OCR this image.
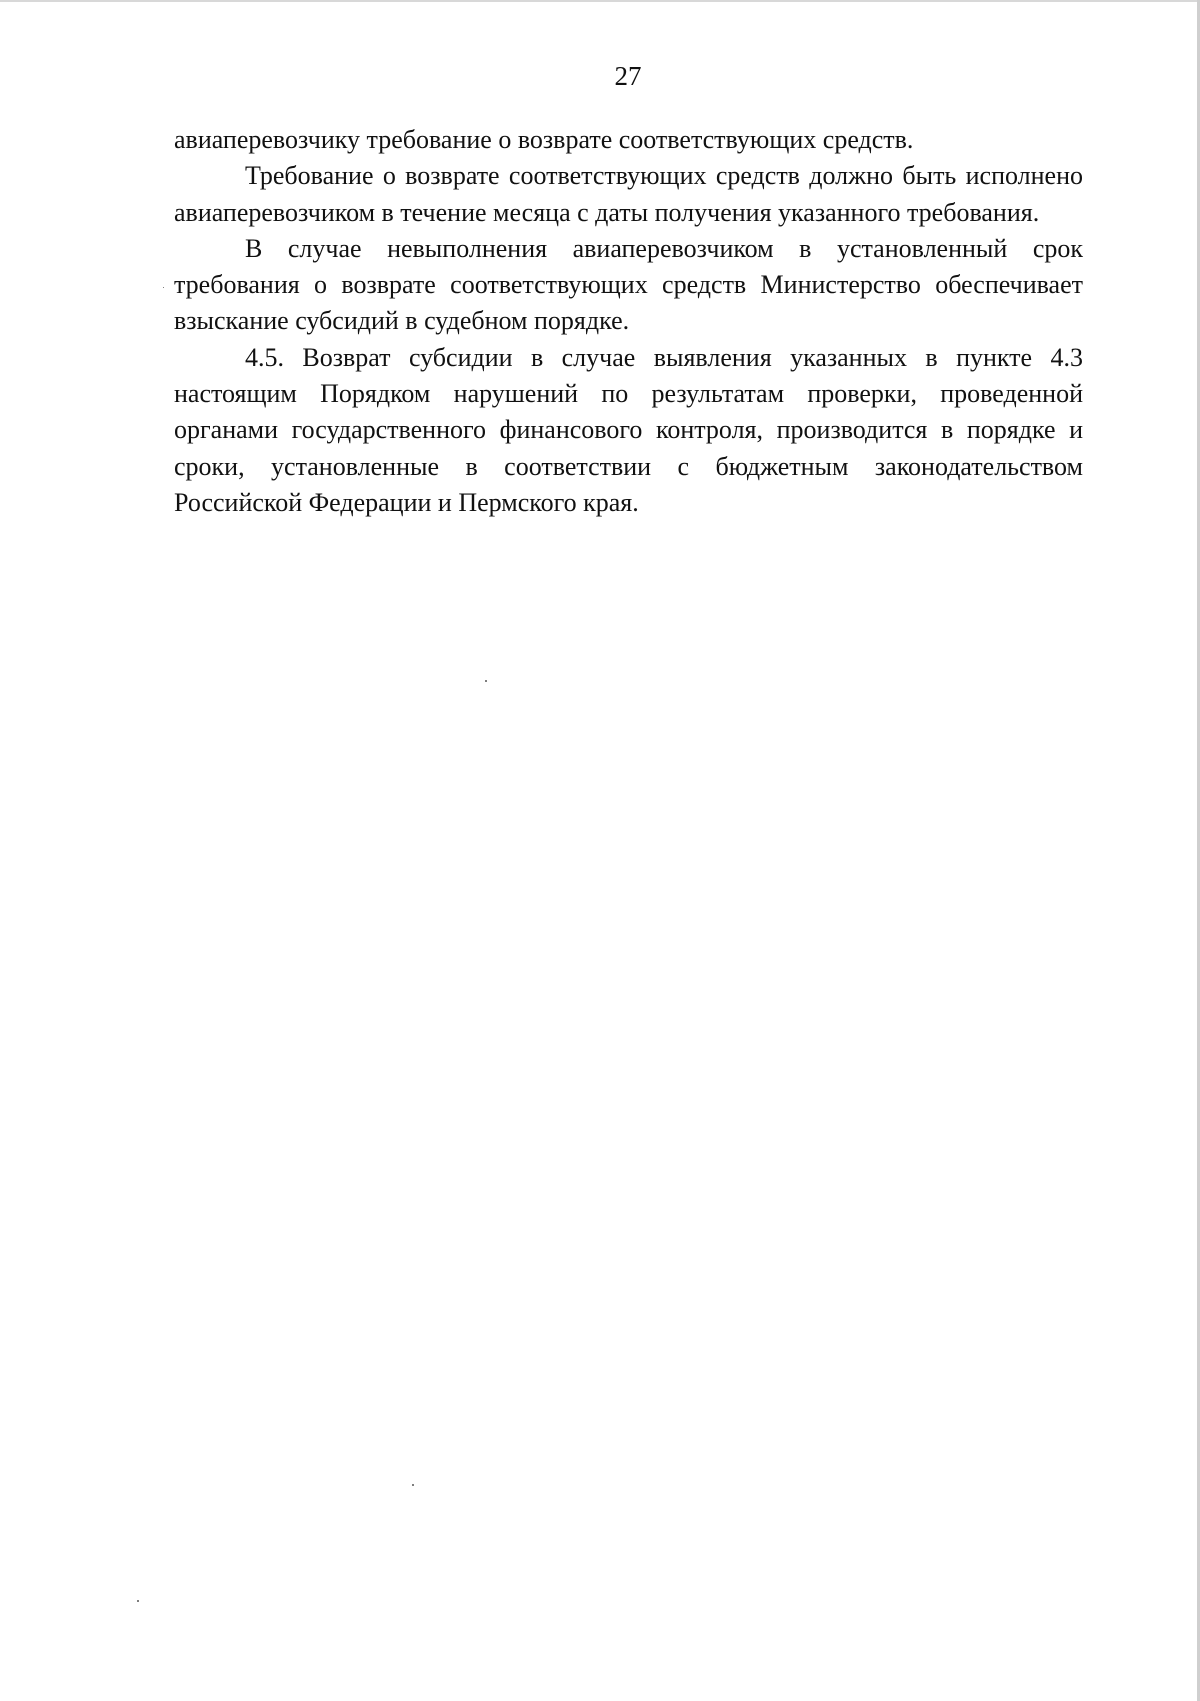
27

авиаперевозчику требование о возврате соответствующих средств.

Требование о возврате соответствующих средств должно быть исполнено авиаперевозчиком в течение месяца с даты получения указанного требования.

В случае невыполнения авиаперевозчиком в установленный срок требования о возврате соответствующих средств Министерство обеспечивает взыскание субсидий в судебном порядке.

4.5. Возврат субсидии в случае выявления указанных в пункте 4.3 настоящим Порядком нарушений по результатам проверки, проведенной органами государственного финансового контроля, производится в порядке и сроки, установленные в соответствии с бюджетным законодательством Российской Федерации и Пермского края.
